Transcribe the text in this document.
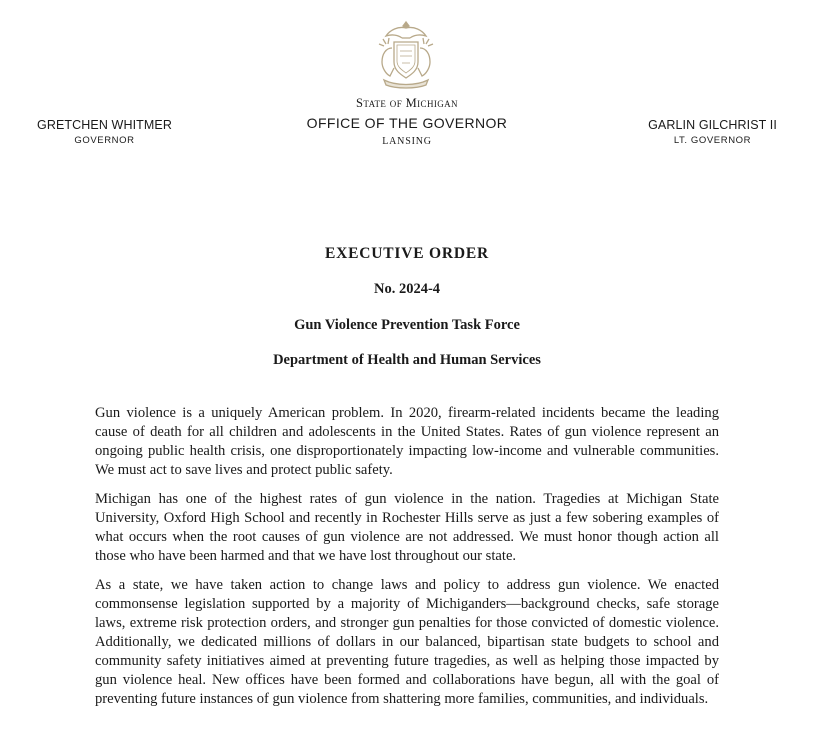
GRETCHEN WHITMER
GOVERNOR
State of Michigan
OFFICE OF THE GOVERNOR
LANSING
GARLIN GILCHRIST II
LT. GOVERNOR
EXECUTIVE ORDER
No. 2024-4
Gun Violence Prevention Task Force
Department of Health and Human Services

Gun violence is a uniquely American problem. In 2020, firearm-related incidents became the leading cause of death for all children and adolescents in the United States. Rates of gun violence represent an ongoing public health crisis, one disproportionately impacting low-income and vulnerable communities. We must act to save lives and protect public safety.

Michigan has one of the highest rates of gun violence in the nation. Tragedies at Michigan State University, Oxford High School and recently in Rochester Hills serve as just a few sobering examples of what occurs when the root causes of gun violence are not addressed. We must honor though action all those who have been harmed and that we have lost throughout our state.

As a state, we have taken action to change laws and policy to address gun violence. We enacted commonsense legislation supported by a majority of Michiganders—background checks, safe storage laws, extreme risk protection orders, and stronger gun penalties for those convicted of domestic violence. Additionally, we dedicated millions of dollars in our balanced, bipartisan state budgets to school and community safety initiatives aimed at preventing future tragedies, as well as helping those impacted by gun violence heal. New offices have been formed and collaborations have begun, all with the goal of preventing future instances of gun violence from shattering more families, communities, and individuals.
